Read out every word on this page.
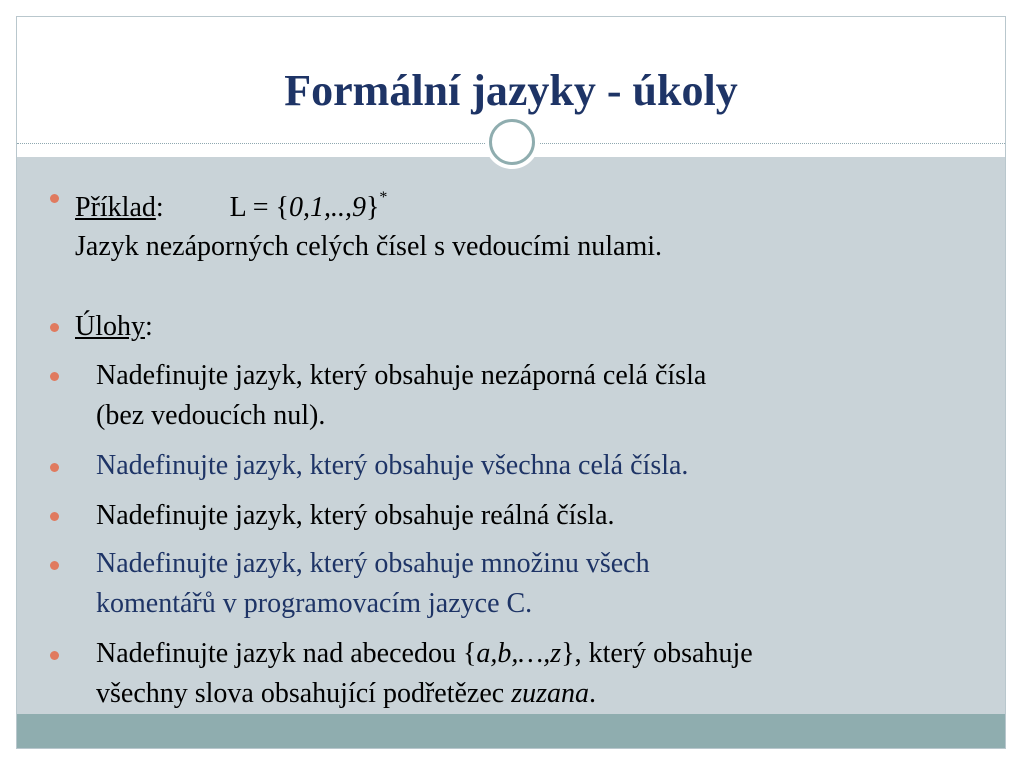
Formální jazyky - úkoly
Příklad: L = {0,1,..,9}*
Jazyk nezáporných celých čísel s vedoucími nulami.
Úlohy:
Nadefinujte jazyk, který obsahuje nezáporná celá čísla
(bez vedoucích nul).
Nadefinujte jazyk, který obsahuje všechna celá čísla.
Nadefinujte jazyk, který obsahuje reálná čísla.
Nadefinujte jazyk, který obsahuje množinu všech
komentářů v programovacím jazyce C.
Nadefinujte jazyk nad abecedou {a,b,…,z}, který obsahuje
všechny slova obsahující podřetězec zuzana.
